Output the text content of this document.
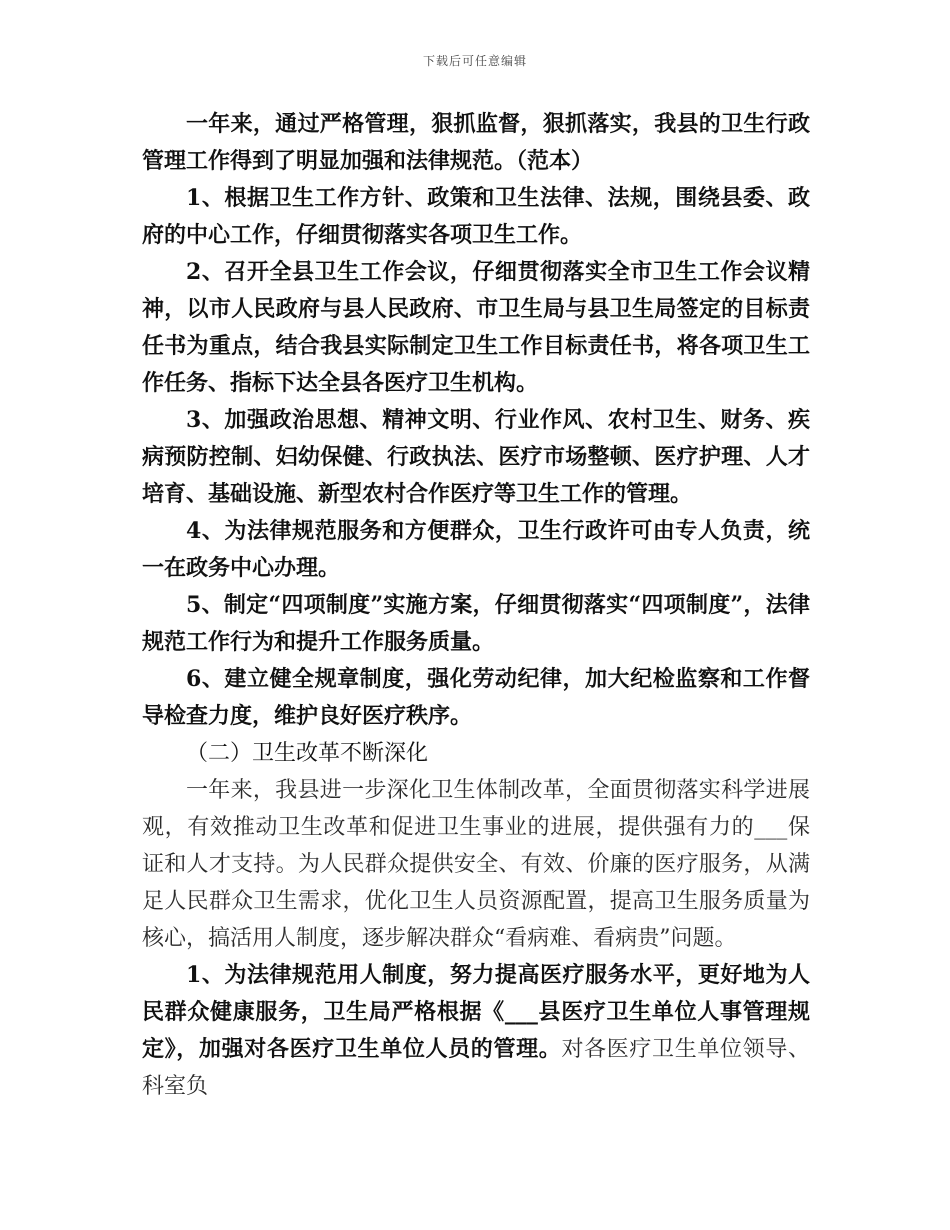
下载后可任意编辑

一年来，通过严格管理，狠抓监督，狠抓落实，我县的卫生行政管理工作得到了明显加强和法律规范。（范本）

1、根据卫生工作方针、政策和卫生法律、法规，围绕县委、政府的中心工作，仔细贯彻落实各项卫生工作。

2、召开全县卫生工作会议，仔细贯彻落实全市卫生工作会议精神，以市人民政府与县人民政府、市卫生局与县卫生局签定的目标责任书为重点，结合我县实际制定卫生工作目标责任书，将各项卫生工作任务、指标下达全县各医疗卫生机构。

3、加强政治思想、精神文明、行业作风、农村卫生、财务、疾病预防控制、妇幼保健、行政执法、医疗市场整顿、医疗护理、人才培育、基础设施、新型农村合作医疗等卫生工作的管理。

4、为法律规范服务和方便群众，卫生行政许可由专人负责，统一在政务中心办理。

5、制定“四项制度”实施方案，仔细贯彻落实“四项制度”，法律规范工作行为和提升工作服务质量。

6、建立健全规章制度，强化劳动纪律，加大纪检监察和工作督导检查力度，维护良好医疗秩序。

（二）卫生改革不断深化

一年来，我县进一步深化卫生体制改革，全面贯彻落实科学进展观，有效推动卫生改革和促进卫生事业的进展，提供强有力的___保证和人才支持。为人民群众提供安全、有效、价廉的医疗服务，从满足人民群众卫生需求，优化卫生人员资源配置，提高卫生服务质量为核心，搞活用人制度，逐步解决群众“看病难、看病贵”问题。

1、为法律规范用人制度，努力提高医疗服务水平，更好地为人民群众健康服务，卫生局严格根据《___县医疗卫生单位人事管理规定》，加强对各医疗卫生单位人员的管理。对各医疗卫生单位领导、科室负
